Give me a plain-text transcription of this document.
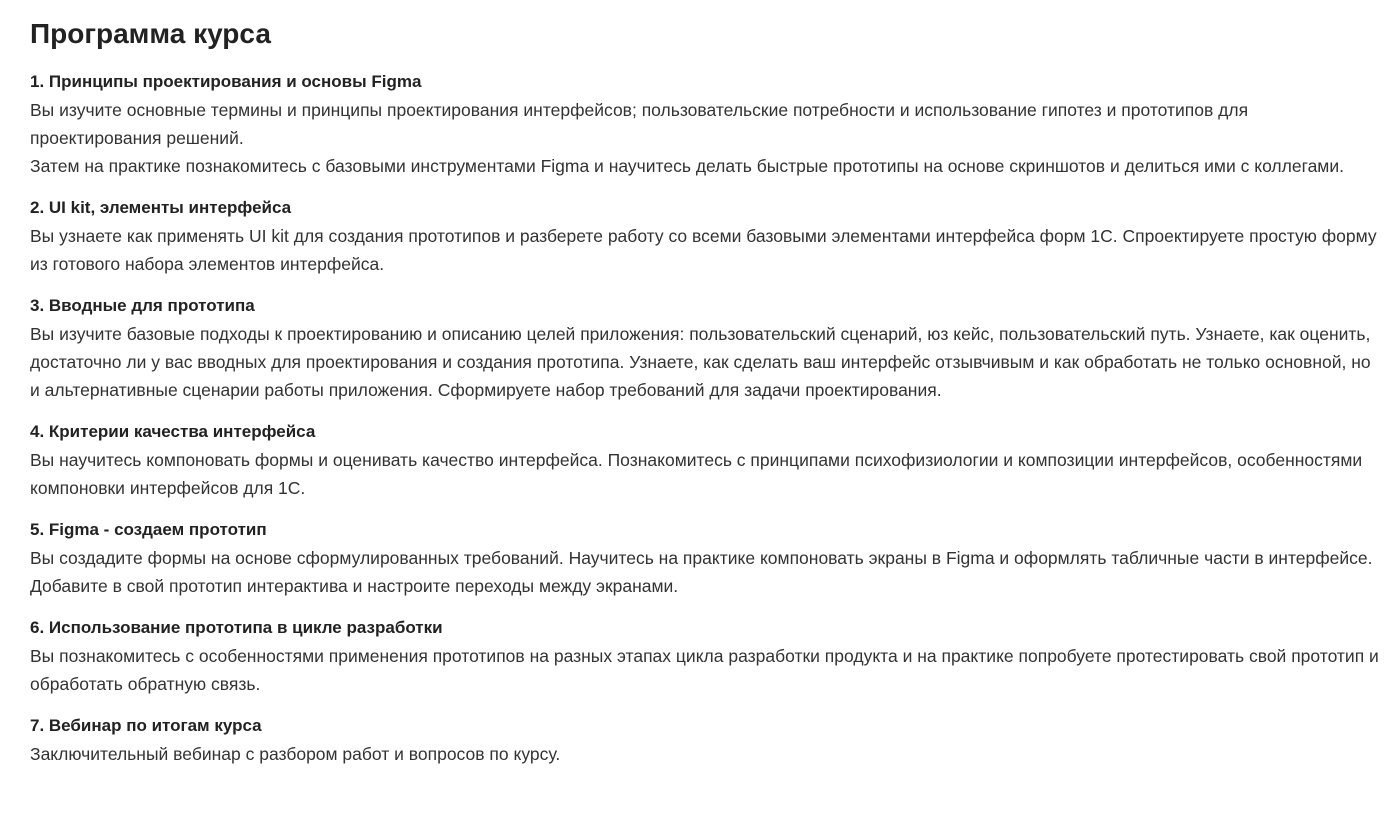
Программа курса
1. Принципы проектирования и основы Figma

Вы изучите основные термины и принципы проектирования интерфейсов; пользовательские потребности и использование гипотез и прототипов для проектирования решений.

Затем на практике познакомитесь с базовыми инструментами Figma и научитесь делать быстрые прототипы на основе скриншотов и делиться ими с коллегами.

2. UI kit, элементы интерфейса

Вы узнаете как применять UI kit для создания прототипов и разберете работу со всеми базовыми элементами интерфейса форм 1С. Спроектируете простую форму из готового набора элементов интерфейса.

3. Вводные для прототипа

Вы изучите базовые подходы к проектированию и описанию целей приложения: пользовательский сценарий, юз кейс, пользовательский путь. Узнаете, как оценить, достаточно ли у вас вводных для проектирования и создания прототипа. Узнаете, как сделать ваш интерфейс отзывчивым и как обработать не только основной, но и альтернативные сценарии работы приложения. Сформируете набор требований для задачи проектирования.

4. Критерии качества интерфейса

Вы научитесь компоновать формы и оценивать качество интерфейса. Познакомитесь с принципами психофизиологии и композиции интерфейсов, особенностями компоновки интерфейсов для 1С.

5. Figma - создаем прототип

Вы создадите формы на основе сформулированных требований. Научитесь на практике компоновать экраны в Figma и оформлять табличные части в интерфейсе. Добавите в свой прототип интерактива и настроите переходы между экранами.

6. Использование прототипа в цикле разработки

Вы познакомитесь с особенностями применения прототипов на разных этапах цикла разработки продукта и на практике попробуете протестировать свой прототип и обработать обратную связь.

7. Вебинар по итогам курса

Заключительный вебинар с разбором работ и вопросов по курсу.
